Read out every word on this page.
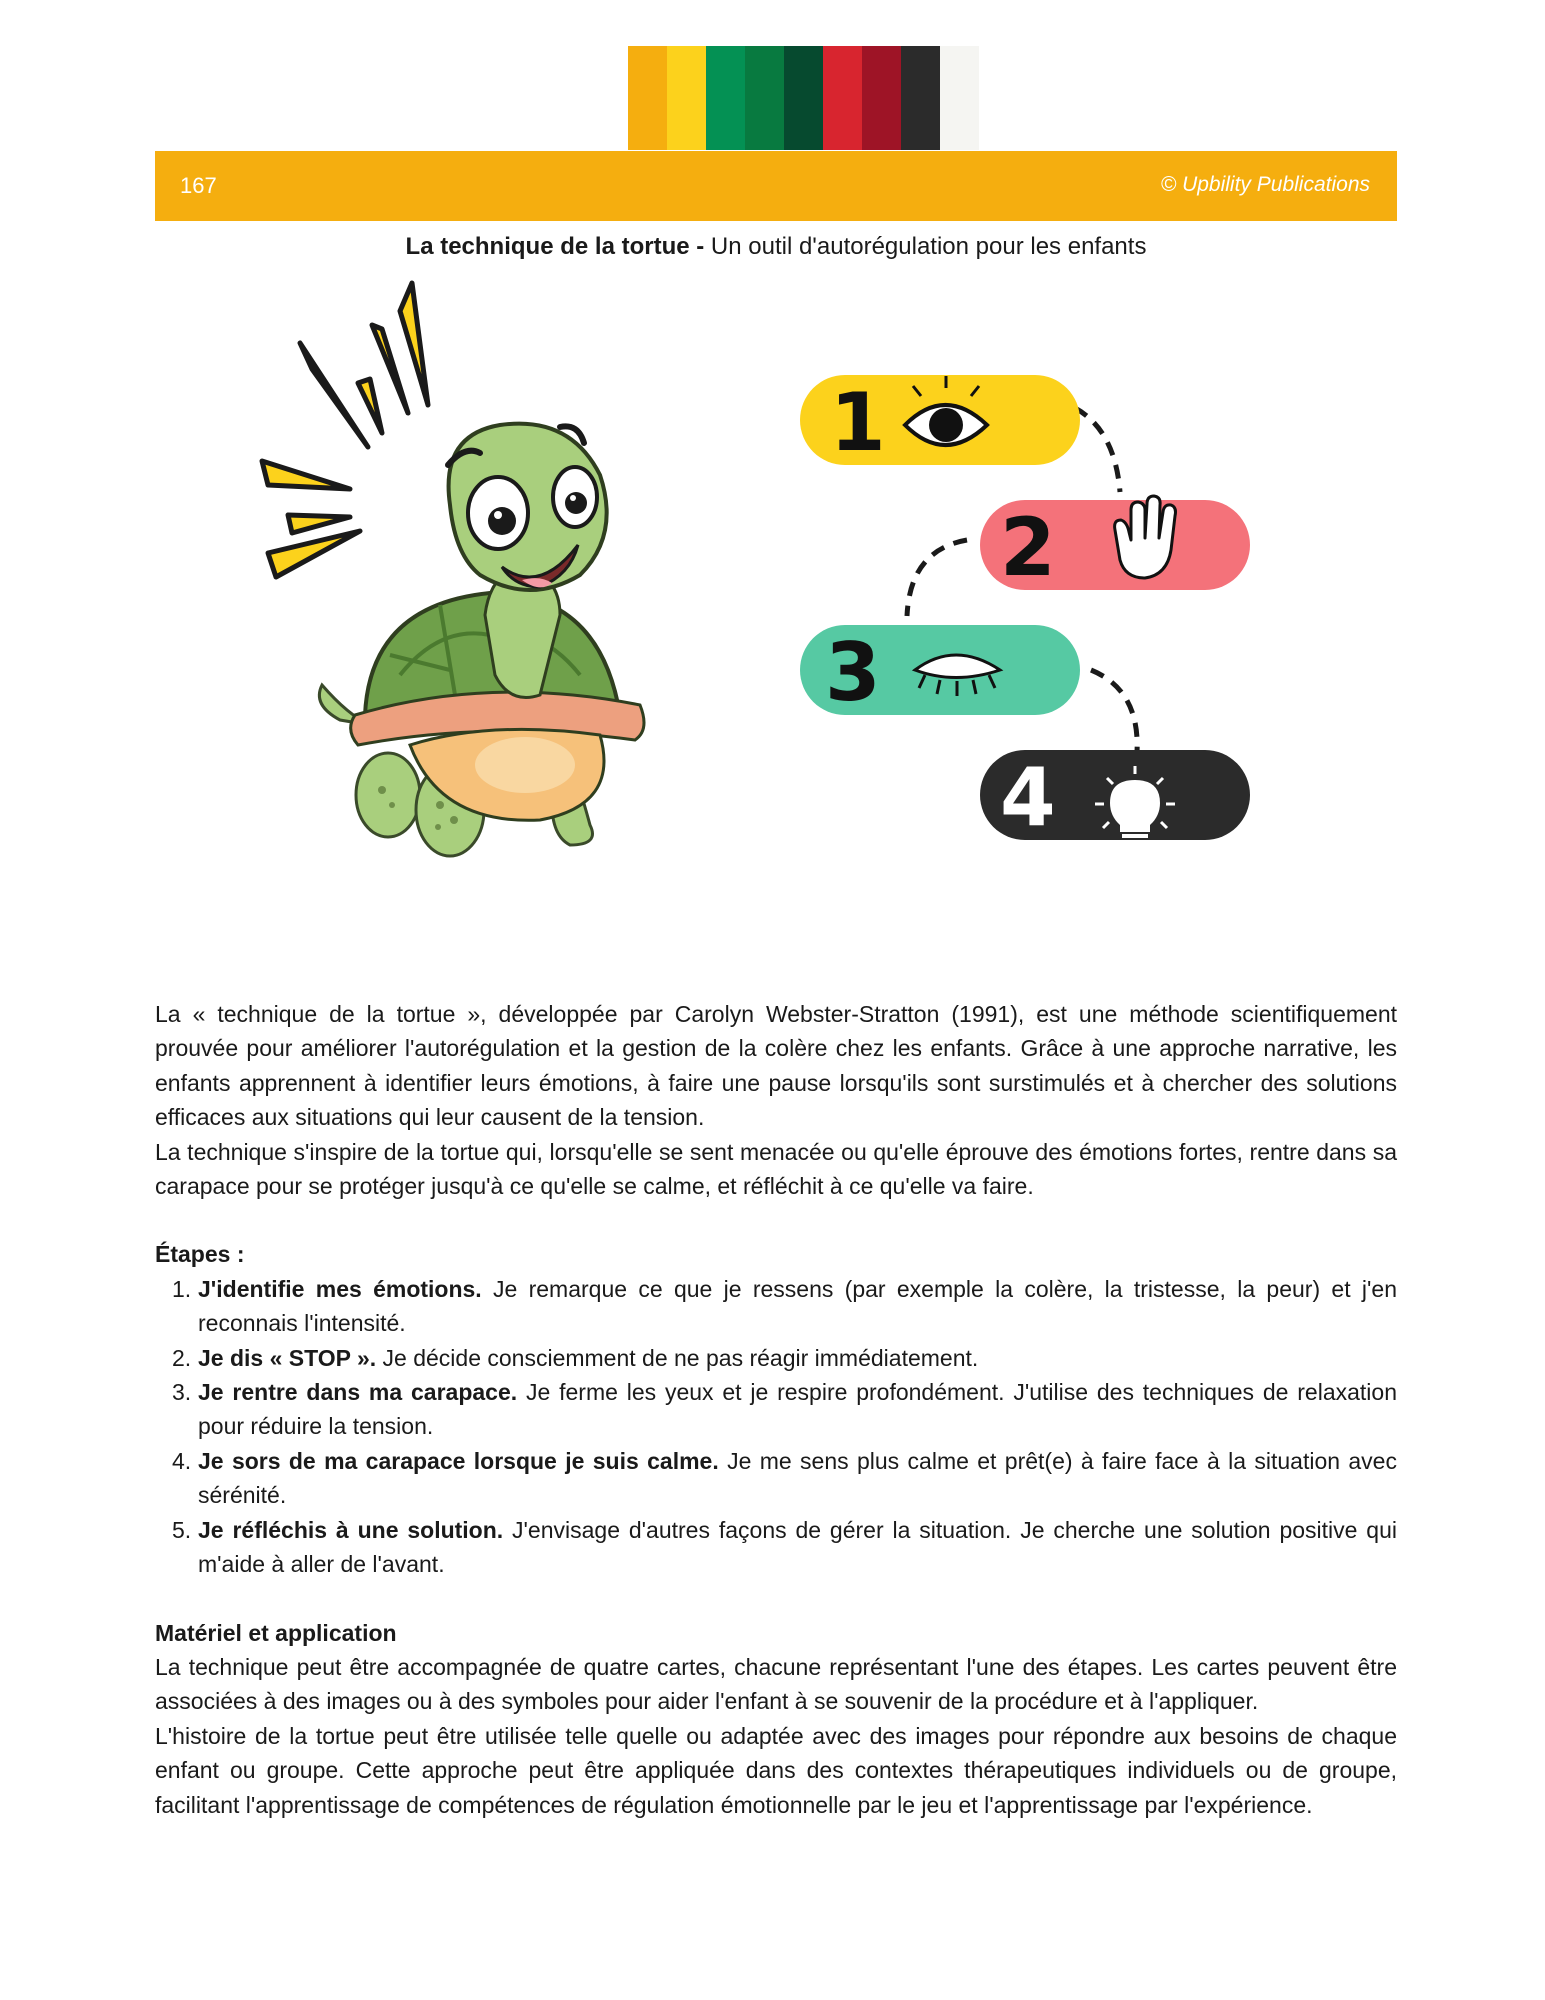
167	© Upbility Publications
La technique de la tortue - Un outil d'autorégulation pour les enfants
1
2
3
4

La « technique de la tortue », développée par Carolyn Webster-Stratton (1991), est une méthode scientifiquement prouvée pour améliorer l'autorégulation et la gestion de la colère chez les enfants. Grâce à une approche narrative, les enfants apprennent à identifier leurs émotions, à faire une pause lorsqu'ils sont surstimulés et à chercher des solutions efficaces aux situations qui leur causent de la tension.

La technique s'inspire de la tortue qui, lorsqu'elle se sent menacée ou qu'elle éprouve des émotions fortes, rentre dans sa carapace pour se protéger jusqu'à ce qu'elle se calme, et réfléchit à ce qu'elle va faire.

Étapes :

1. J'identifie mes émotions. Je remarque ce que je ressens (par exemple la colère, la tristesse, la peur) et j'en reconnais l'intensité.
2. Je dis « STOP ». Je décide consciemment de ne pas réagir immédiatement.
3. Je rentre dans ma carapace. Je ferme les yeux et je respire profondément. J'utilise des techniques de relaxation pour réduire la tension.
4. Je sors de ma carapace lorsque je suis calme. Je me sens plus calme et prêt(e) à faire face à la situation avec sérénité.
5. Je réfléchis à une solution. J'envisage d'autres façons de gérer la situation. Je cherche une solution positive qui m'aide à aller de l'avant.

Matériel et application

La technique peut être accompagnée de quatre cartes, chacune représentant l'une des étapes. Les cartes peuvent être associées à des images ou à des symboles pour aider l'enfant à se souvenir de la procédure et à l'appliquer.

L'histoire de la tortue peut être utilisée telle quelle ou adaptée avec des images pour répondre aux besoins de chaque enfant ou groupe. Cette approche peut être appliquée dans des contextes thérapeutiques individuels ou de groupe, facilitant l'apprentissage de compétences de régulation émotionnelle par le jeu et l'apprentissage par l'expérience.
